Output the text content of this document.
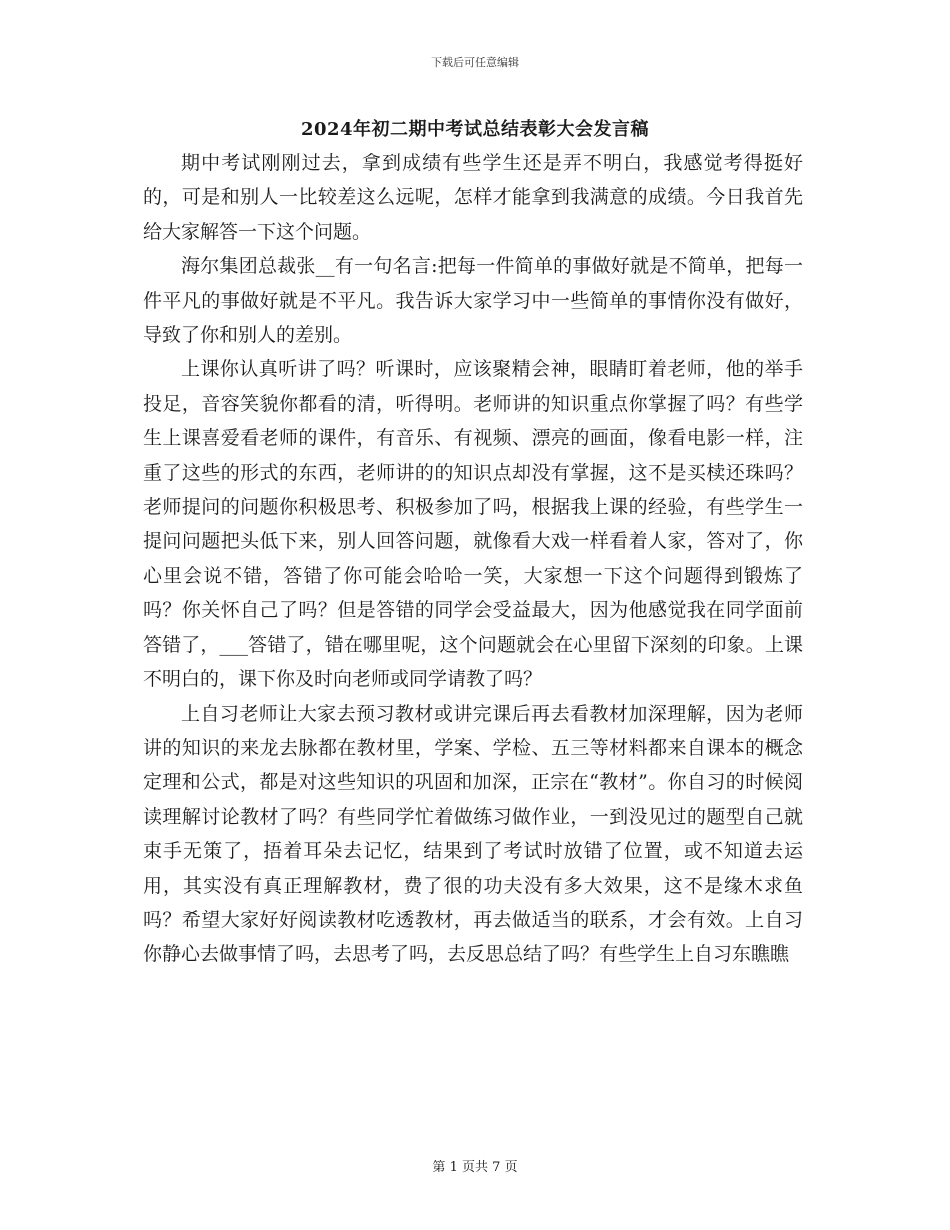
下载后可任意编辑
2024年初二期中考试总结表彰大会发言稿

期中考试刚刚过去，拿到成绩有些学生还是弄不明白，我感觉考得挺好的，可是和别人一比较差这么远呢，怎样才能拿到我满意的成绩。今日我首先给大家解答一下这个问题。

海尔集团总裁张__有一句名言:把每一件简单的事做好就是不简单，把每一件平凡的事做好就是不平凡。我告诉大家学习中一些简单的事情你没有做好，导致了你和别人的差别。

上课你认真听讲了吗？听课时，应该聚精会神，眼睛盯着老师，他的举手投足，音容笑貌你都看的清，听得明。老师讲的知识重点你掌握了吗？有些学生上课喜爱看老师的课件，有音乐、有视频、漂亮的画面，像看电影一样，注重了这些的形式的东西，老师讲的的知识点却没有掌握，这不是买椟还珠吗？老师提问的问题你积极思考、积极参加了吗，根据我上课的经验，有些学生一提问问题把头低下来，别人回答问题，就像看大戏一样看着人家，答对了，你心里会说不错，答错了你可能会哈哈一笑，大家想一下这个问题得到锻炼了吗？你关怀自己了吗？但是答错的同学会受益最大，因为他感觉我在同学面前答错了，___答错了，错在哪里呢，这个问题就会在心里留下深刻的印象。上课不明白的，课下你及时向老师或同学请教了吗？

上自习老师让大家去预习教材或讲完课后再去看教材加深理解，因为老师讲的知识的来龙去脉都在教材里，学案、学检、五三等材料都来自课本的概念定理和公式，都是对这些知识的巩固和加深，正宗在“教材”。你自习的时候阅读理解讨论教材了吗？有些同学忙着做练习做作业，一到没见过的题型自己就束手无策了，捂着耳朵去记忆，结果到了考试时放错了位置，或不知道去运用，其实没有真正理解教材，费了很的功夫没有多大效果，这不是缘木求鱼吗？希望大家好好阅读教材吃透教材，再去做适当的联系，才会有效。上自习你静心去做事情了吗，去思考了吗，去反思总结了吗？有些学生上自习东瞧瞧

第 1 页共 7 页
